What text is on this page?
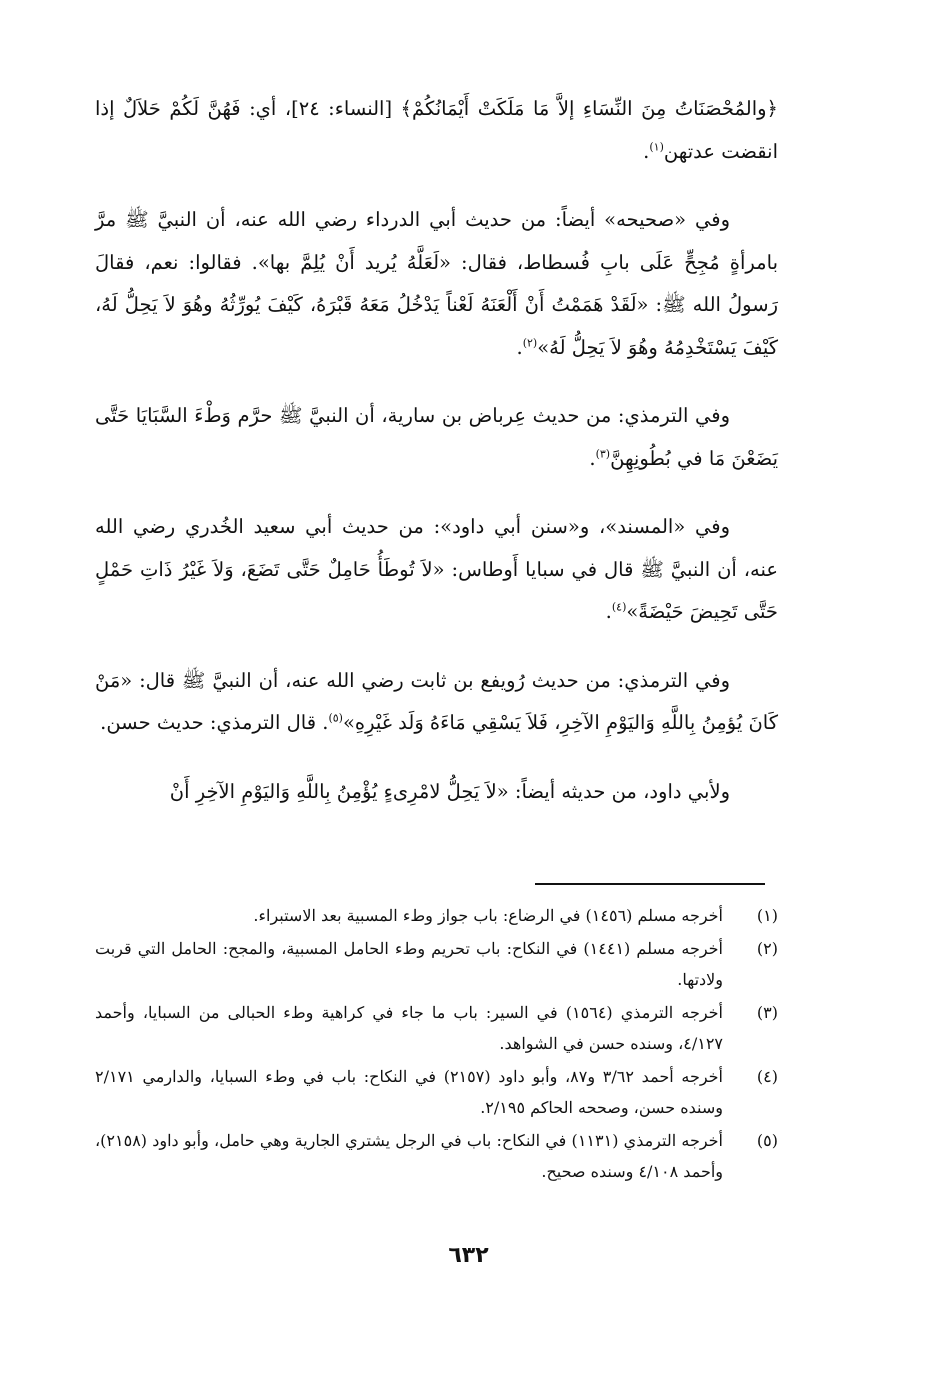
﴿والمُحْصَنَاتُ مِنَ النِّسَاءِ إلاَّ مَا مَلَكَتْ أَيْمَانُكُمْ﴾ [النساء: ٢٤]، أي: فَهُنَّ لَكُمْ حَلاَلٌ إذا انقضت عدتهن$^{(١)}$.

وفي «صحيحه» أيضاً: من حديث أبي الدرداء رضي الله عنه، أن النبيَّ ﷺ مرَّ بامرأةٍ مُجِحٍّ عَلَى بابِ فُسطاط، فقال: «لَعَلَّهُ يُريد أَنْ يُلِمَّ بها». فقالوا: نعم، فقالَ رَسولُ الله ﷺ: «لَقَدْ هَمَمْتُ أَنْ أَلْعَنَهُ لَعْناً يَدْخُلُ مَعَهُ قَبْرَهُ، كَيْفَ يُورِّثُهُ وهُوَ لاَ يَحِلُّ لَهُ، كَيْفَ يَسْتَخْدِمُهُ وهُوَ لاَ يَحِلُّ لَهُ»$^{(٢)}$.

وفي الترمذي: من حديث عِرباض بن سارية، أن النبيَّ ﷺ حرَّم وَطْءَ السَّبَايَا حَتَّى يَضَعْنَ مَا في بُطُونِهِنَّ$^{(٣)}$.

وفي «المسند»، و«سنن أبي داود»: من حديث أبي سعيد الخُدري رضي الله عنه، أن النبيَّ ﷺ قال في سبايا أَوطاس: «لاَ تُوطَأُ حَامِلٌ حَتَّى تَضَعَ، وَلاَ غَيْرُ ذَاتِ حَمْلٍ حَتَّى تَحِيضَ حَيْضَةً»$^{(٤)}$.

وفي الترمذي: من حديث رُويفع بن ثابت رضي الله عنه، أن النبيَّ ﷺ قال: «مَنْ كَانَ يُؤمِنُ بِاللَّهِ وَاليَوْمِ الآخِرِ، فَلاَ يَسْقِي مَاءَهُ وَلَد غَيْرِهِ»$^{(٥)}$. قال الترمذي: حديث حسن.

ولأبي داود، من حديثه أيضاً: «لاَ يَحِلُّ لامْرِىءٍ يُؤْمِنُ بِاللَّهِ وَاليَوْمِ الآخِرِ أَنْ

(١)
أخرجه مسلم (١٤٥٦) في الرضاع: باب جواز وطء المسبية بعد الاستبراء.
(٢)
أخرجه مسلم (١٤٤١) في النكاح: باب تحريم وطء الحامل المسبية، والمجح: الحامل التي قربت ولادتها.
(٣)
أخرجه الترمذي (١٥٦٤) في السير: باب ما جاء في كراهية وطء الحبالى من السبايا، وأحمد ٤/١٢٧، وسنده حسن في الشواهد.
(٤)
أخرجه أحمد ٣/٦٢ و٨٧، وأبو داود (٢١٥٧) في النكاح: باب في وطء السبايا، والدارمي ٢/١٧١ وسنده حسن، وصححه الحاكم ٢/١٩٥.
(٥)
أخرجه الترمذي (١١٣١) في النكاح: باب في الرجل يشتري الجارية وهي حامل، وأبو داود (٢١٥٨)، وأحمد ٤/١٠٨ وسنده صحيح.
٦٣٢
